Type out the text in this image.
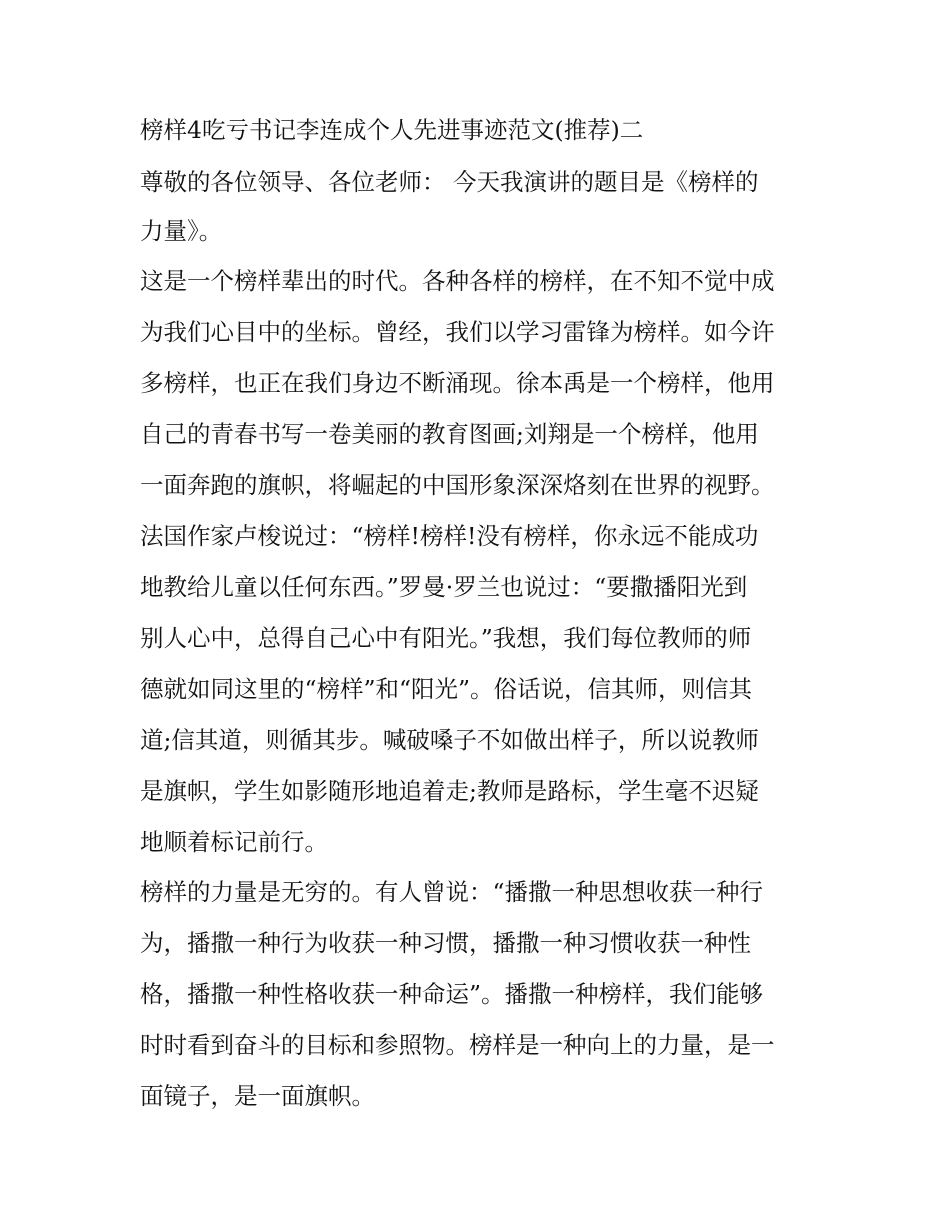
榜样4吃亏书记李连成个人先进事迹范文(推荐)二
尊敬的各位领导、各位老师： 今天我演讲的题目是《榜样的
力量》。
这是一个榜样辈出的时代。各种各样的榜样，在不知不觉中成
为我们心目中的坐标。曾经，我们以学习雷锋为榜样。如今许
多榜样，也正在我们身边不断涌现。徐本禹是一个榜样，他用
自己的青春书写一卷美丽的教育图画;刘翔是一个榜样，他用
一面奔跑的旗帜，将崛起的中国形象深深烙刻在世界的视野。
法国作家卢梭说过：“榜样!榜样!没有榜样，你永远不能成功
地教给儿童以任何东西。”罗曼·罗兰也说过：“要撒播阳光到
别人心中，总得自己心中有阳光。”我想，我们每位教师的师
德就如同这里的“榜样”和“阳光”。俗话说，信其师，则信其
道;信其道，则循其步。喊破嗓子不如做出样子，所以说教师
是旗帜，学生如影随形地追着走;教师是路标，学生毫不迟疑
地顺着标记前行。
榜样的力量是无穷的。有人曾说：“播撒一种思想收获一种行
为，播撒一种行为收获一种习惯，播撒一种习惯收获一种性
格，播撒一种性格收获一种命运”。播撒一种榜样，我们能够
时时看到奋斗的目标和参照物。榜样是一种向上的力量，是一
面镜子，是一面旗帜。
